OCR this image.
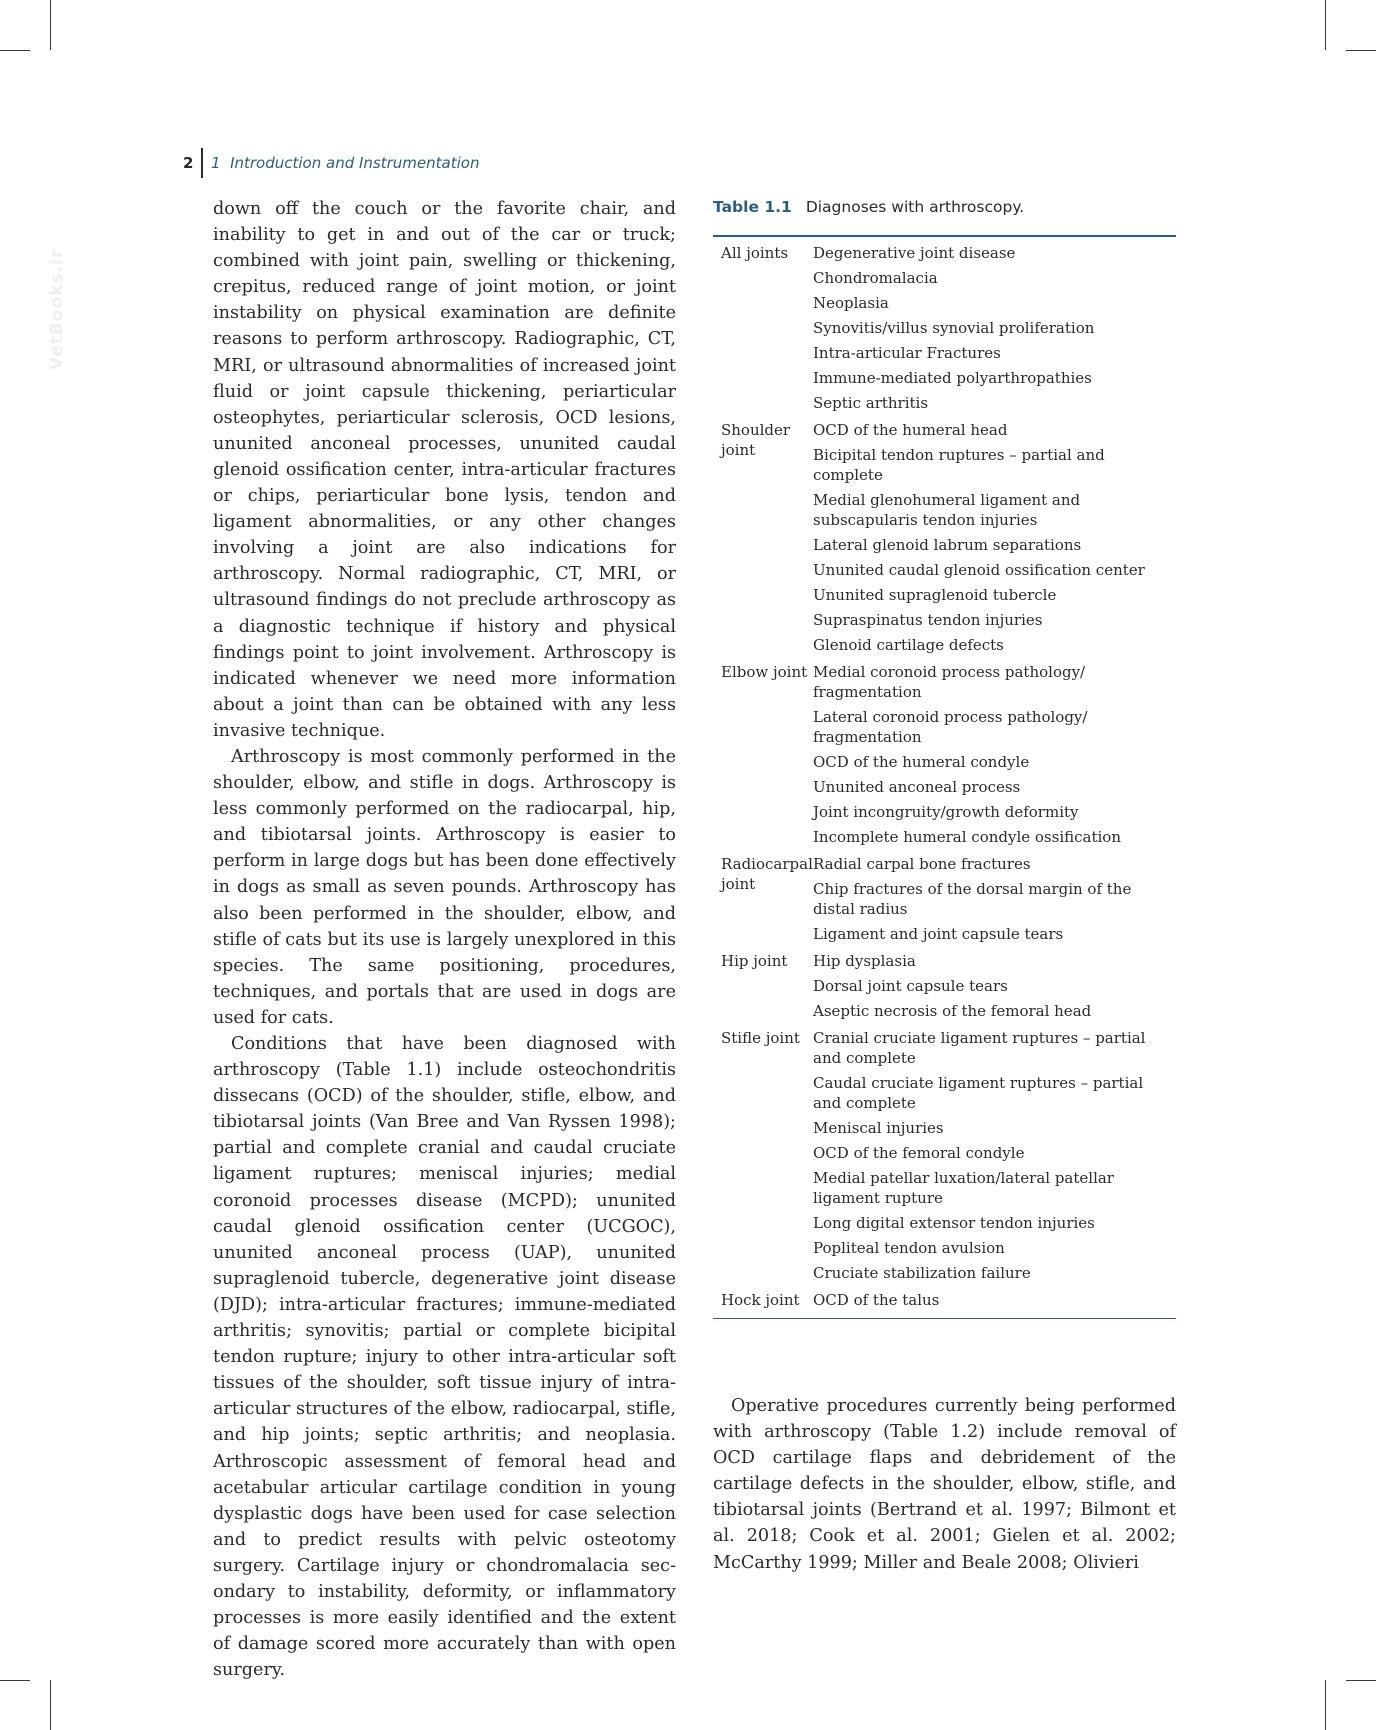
VetBooks.ir
2 1  Introduction and Instrumentation

down off the couch or the favorite chair, and inability to get in and out of the car or truck; combined with joint pain, swelling or thickening, crepitus, reduced range of joint motion, or joint instability on physical examination are definite reasons to perform arthroscopy. Radiographic, CT, MRI, or ultrasound abnormalities of increased joint fluid or joint capsule thickening, periarticular osteophytes, periarticular sclerosis, OCD lesions, ununited anconeal processes, ununited caudal glenoid ossification center, intra-articular fractures or chips, periarticular bone lysis, tendon and ligament abnormalities, or any other changes involving a joint are also indications for arthroscopy. Normal radiographic, CT, MRI, or ultrasound findings do not preclude arthroscopy as a diagnostic technique if history and physical findings point to joint involvement. Arthroscopy is indicated whenever we need more information about a joint than can be obtained with any less invasive technique.

Arthroscopy is most commonly performed in the shoulder, elbow, and stifle in dogs. Arthroscopy is less commonly performed on the radiocarpal, hip, and tibiotarsal joints. Arthroscopy is easier to perform in large dogs but has been done effectively in dogs as small as seven pounds. Arthroscopy has also been performed in the shoulder, elbow, and stifle of cats but its use is largely unexplored in this species. The same positioning, procedures, techniques, and portals that are used in dogs are used for cats.

Conditions that have been diagnosed with arthroscopy (Table 1.1) include osteochondritis dissecans (OCD) of the shoulder, stifle, elbow, and tibiotarsal joints (Van Bree and Van Ryssen 1998); partial and complete cranial and caudal cruciate ligament ruptures; meniscal injuries; medial coronoid processes disease (MCPD); ununited caudal glenoid ossification center (UCGOC), ununited anconeal process (UAP), ununited supraglenoid tubercle, degenerative joint disease (DJD); intra-articular fractures; immune-mediated arthritis; synovitis; partial or complete bicipital tendon rupture; injury to other intra-articular soft tissues of the shoulder, soft tissue injury of intra-articular structures of the elbow, radiocarpal, stifle, and hip joints; septic arthritis; and neoplasia. Arthroscopic assessment of femoral head and acetabular articular cartilage condition in young dysplastic dogs have been used for case selection and to predict results with pelvic osteotomy surgery. Cartilage injury or chondromalacia secondary to instability, deformity, or inflammatory processes is more easily identified and the extent of damage scored more accurately than with open surgery.

Table 1.1 Diagnoses with arthroscopy.
All joints	Degenerative joint disease
Chondromalacia
Neoplasia
Synovitis/villus synovial proliferation
Intra-articular Fractures
Immune-mediated polyarthropathies
Septic arthritis
Shoulder joint
OCD of the humeral head
Bicipital tendon ruptures – partial and complete
Medial glenohumeral ligament and subscapularis tendon injuries
Lateral glenoid labrum separations
Ununited caudal glenoid ossification center
Ununited supraglenoid tubercle
Supraspinatus tendon injuries
Glenoid cartilage defects
Elbow joint Medial coronoid process pathology/ fragmentation
Lateral coronoid process pathology/ fragmentation
OCD of the humeral condyle
Ununited anconeal process
Joint incongruity/growth deformity
Incomplete humeral condyle ossification
Radiocarpal joint
Radial carpal bone fractures
Chip fractures of the dorsal margin of the distal radius
Ligament and joint capsule tears
Hip joint	Hip dysplasia
Dorsal joint capsule tears
Aseptic necrosis of the femoral head
Stifle joint Cranial cruciate ligament ruptures – partial and complete
Caudal cruciate ligament ruptures – partial and complete
Meniscal injuries
OCD of the femoral condyle
Medial patellar luxation/lateral patellar ligament rupture
Long digital extensor tendon injuries
Popliteal tendon avulsion
Cruciate stabilization failure
Hock joint OCD of the talus

Operative procedures currently being performed with arthroscopy (Table 1.2) include removal of OCD cartilage flaps and debridement of the cartilage defects in the shoulder, elbow, stifle, and tibiotarsal joints (Bertrand et al. 1997; Bilmont et al. 2018; Cook et al. 2001; Gielen et al. 2002; McCarthy 1999; Miller and Beale 2008; Olivieri
